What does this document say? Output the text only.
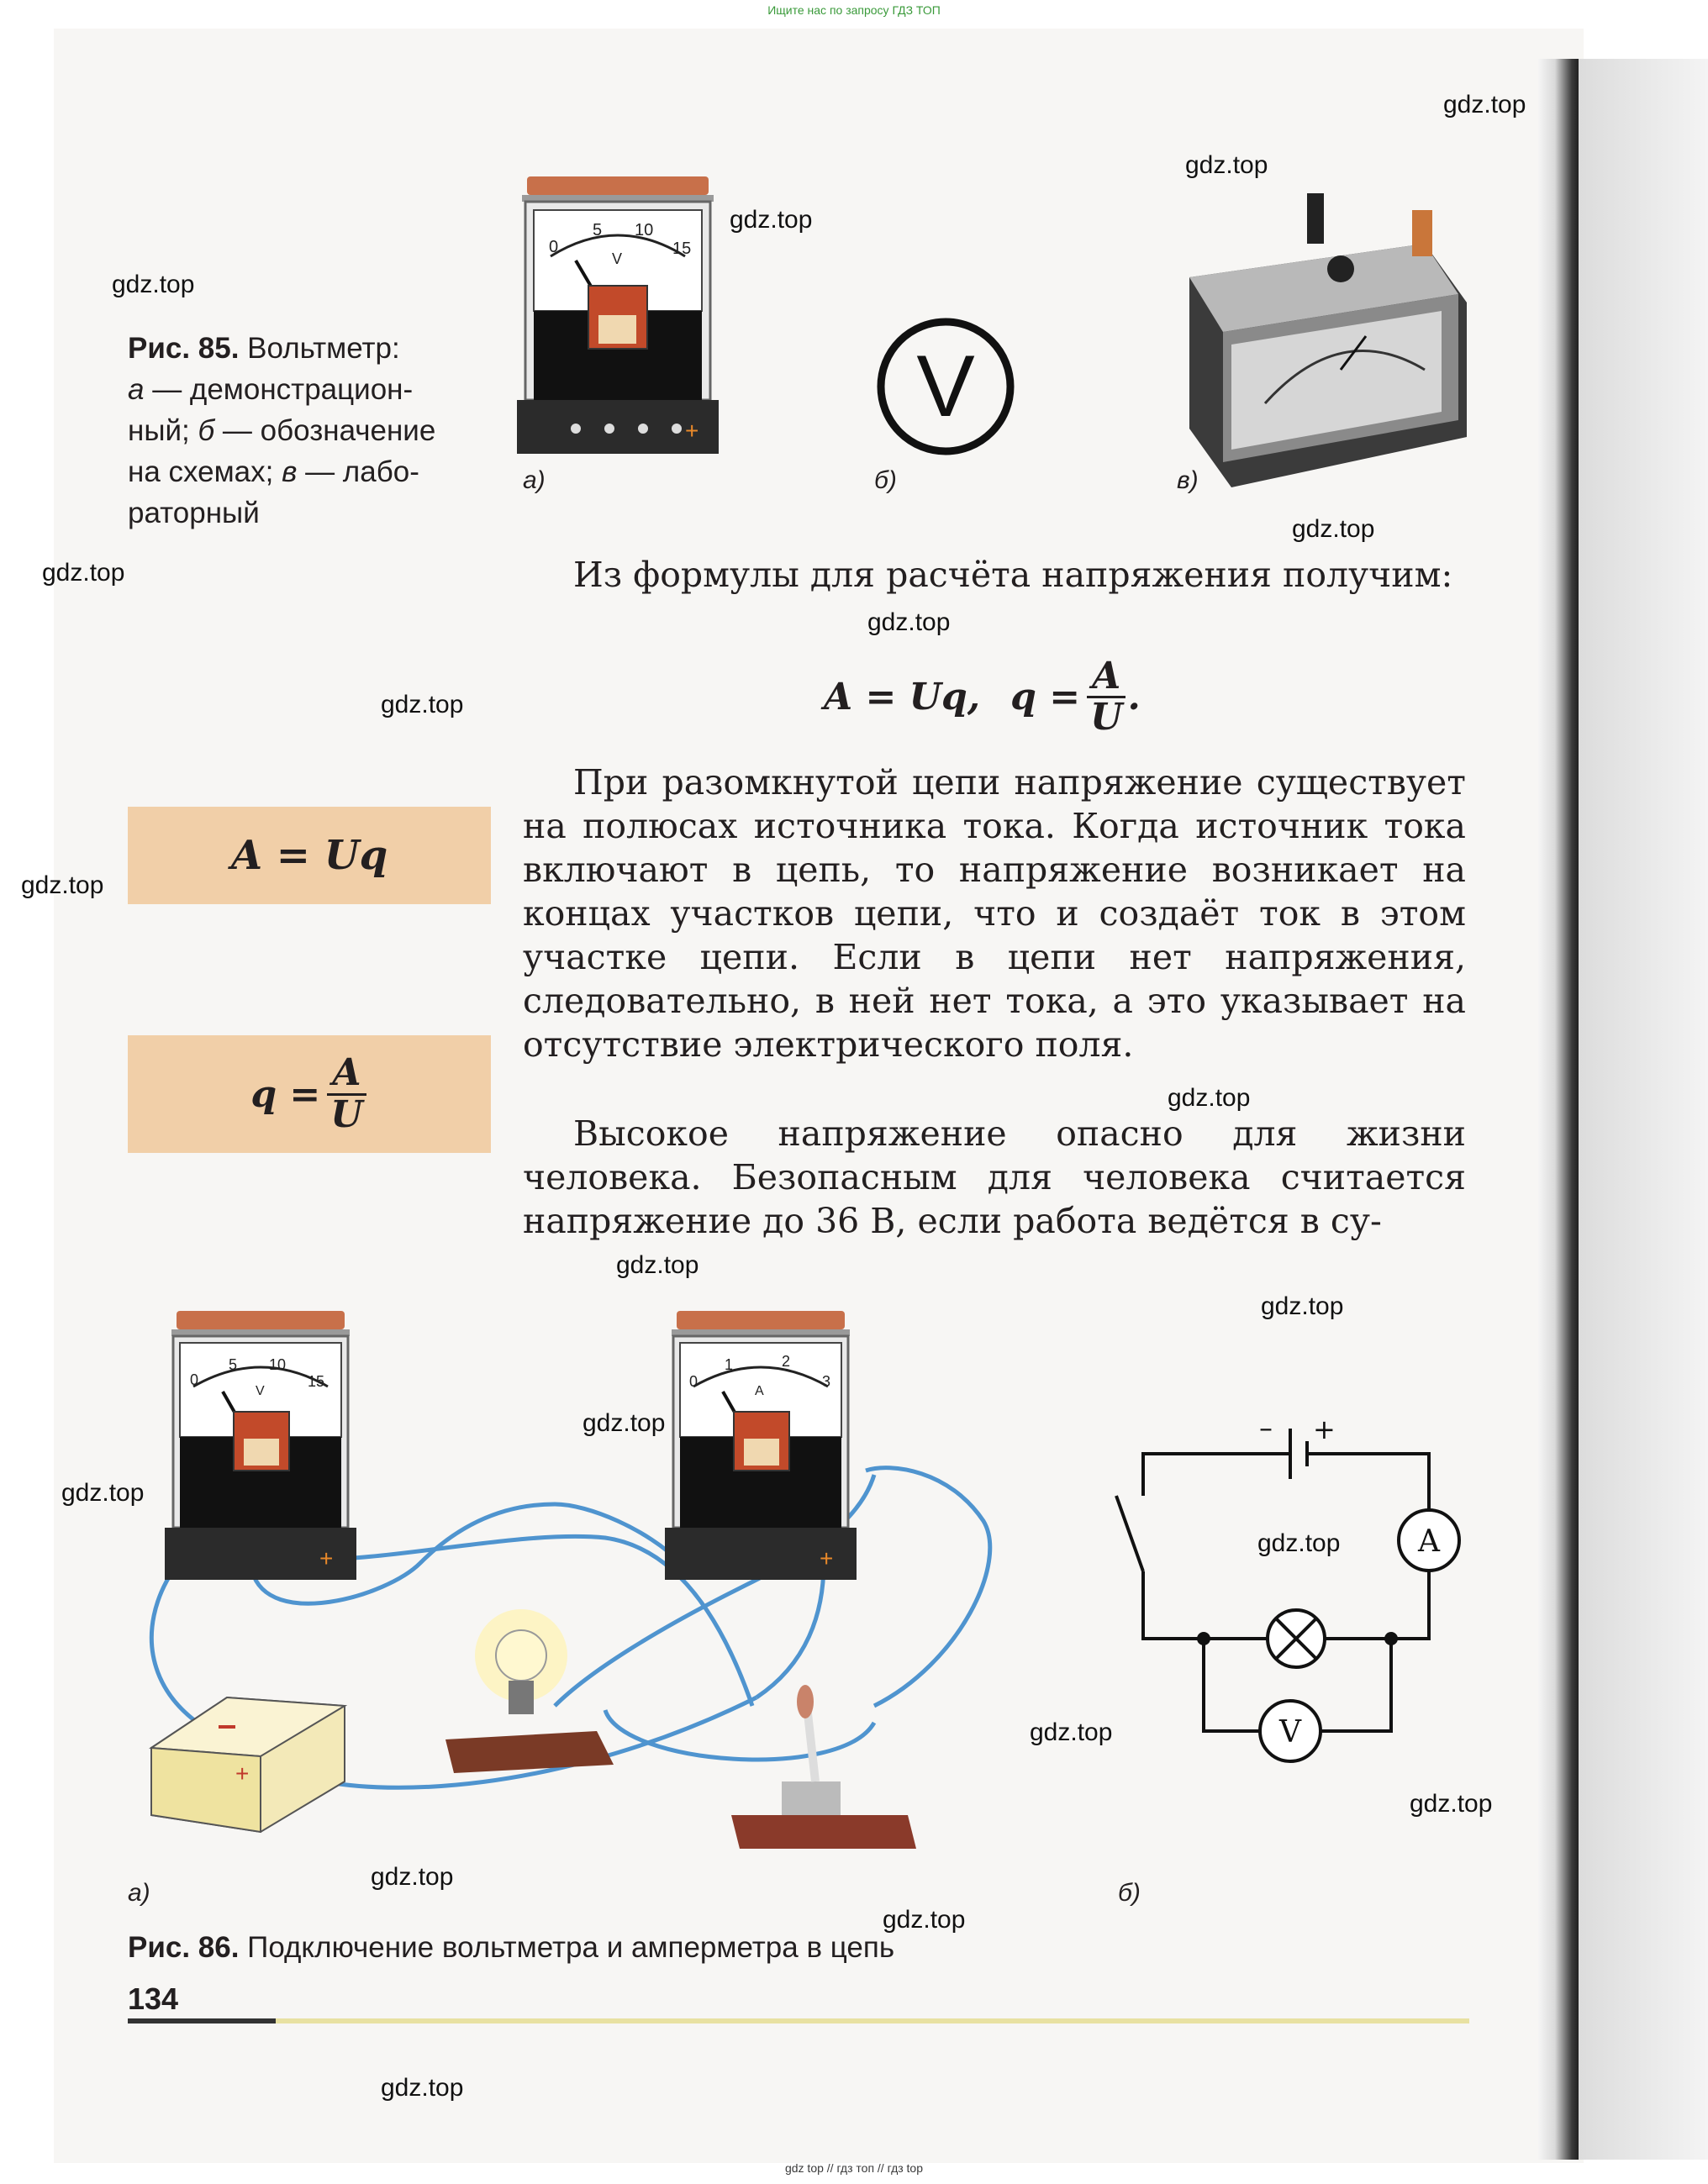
Ищите нас по запросу ГДЗ ТОП
Рис. 85. Вольтметр:
а — демонстрацион-
ный; б — обозначение
на схемах; в — лабо-
раторный
0
5 10
15
V
+
а)
V
б)	в)
Из формулы для расчёта напряжения получим:
A = Uq, $q = \frac{A}{U}$ .
При разомкнутой цепи напряжение существует на полюсах источника тока. Когда источник тока включают в цепь, то напряжение возникает на концах участков цепи, что и создаёт ток в этом участке цепи. Если в цепи нет напряжения, следовательно, в ней нет тока, а это указывает на отсутствие электрического поля.
Высокое напряжение опасно для жизни человека. Безопасным для человека считается напряжение до 36 В, если работа ведётся в су-
A = Uq
$q = \frac{A}{U}$
0
5 10
15
V
+
0
1	2
3
A
+
+
а)
A
V
– +
б)
Рис. 86. Подключение вольтметра и амперметра в цепь
134
gdz.top
gdz.top
gdz.top
gdz.top
gdz.top
gdz.top
gdz.top
gdz.top
gdz.top
gdz.top
gdz.top
gdz.top
gdz.top
gdz.top
gdz.top
gdz.top
gdz.top
gdz.top
gdz.top
gdz.top
gdz top // гдз топ // гдз top
